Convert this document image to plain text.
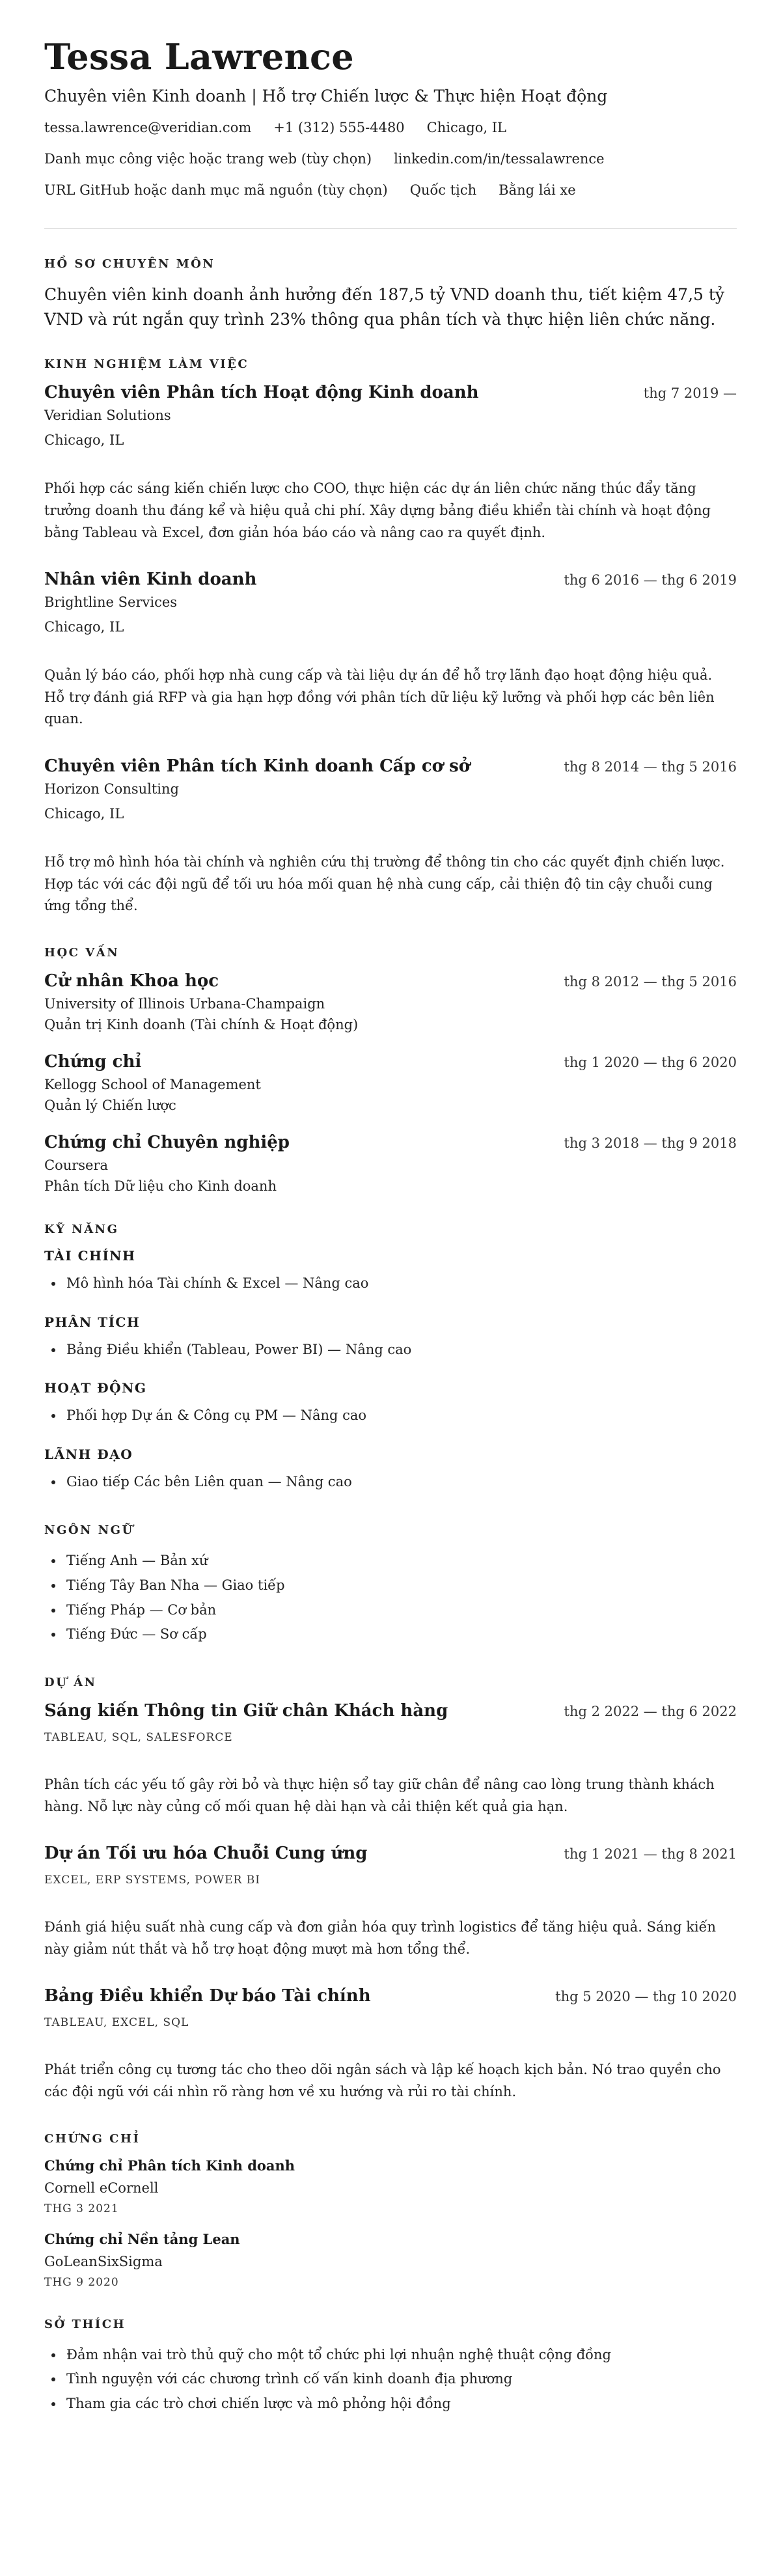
Tessa Lawrence
Chuyên viên Kinh doanh | Hỗ trợ Chiến lược & Thực hiện Hoạt động
tessa.lawrence@veridian.com +1 (312) 555-4480 Chicago, IL
Danh mục công việc hoặc trang web (tùy chọn) linkedin.com/in/tessalawrence
URL GitHub hoặc danh mục mã nguồn (tùy chọn) Quốc tịch Bằng lái xe
HỒ SƠ CHUYÊN MÔN

Chuyên viên kinh doanh ảnh hưởng đến 187,5 tỷ VND doanh thu, tiết kiệm 47,5 tỷ VND và rút ngắn quy trình 23% thông qua phân tích và thực hiện liên chức năng.

KINH NGHIỆM LÀM VIỆC
Chuyên viên Phân tích Hoạt động Kinh doanh	thg 7 2019 —
Veridian Solutions
Chicago, IL
Phối hợp các sáng kiến chiến lược cho COO, thực hiện các dự án liên chức năng thúc đẩy tăng trưởng doanh thu đáng kể và hiệu quả chi phí. Xây dựng bảng điều khiển tài chính và hoạt động bằng Tableau và Excel, đơn giản hóa báo cáo và nâng cao ra quyết định.
Nhân viên Kinh doanh	thg 6 2016 — thg 6 2019
Brightline Services
Chicago, IL
Quản lý báo cáo, phối hợp nhà cung cấp và tài liệu dự án để hỗ trợ lãnh đạo hoạt động hiệu quả. Hỗ trợ đánh giá RFP và gia hạn hợp đồng với phân tích dữ liệu kỹ lưỡng và phối hợp các bên liên quan.
Chuyên viên Phân tích Kinh doanh Cấp cơ sở	thg 8 2014 — thg 5 2016
Horizon Consulting
Chicago, IL
Hỗ trợ mô hình hóa tài chính và nghiên cứu thị trường để thông tin cho các quyết định chiến lược. Hợp tác với các đội ngũ để tối ưu hóa mối quan hệ nhà cung cấp, cải thiện độ tin cậy chuỗi cung ứng tổng thể.
HỌC VẤN
Cử nhân Khoa học	thg 8 2012 — thg 5 2016
University of Illinois Urbana-Champaign
Quản trị Kinh doanh (Tài chính & Hoạt động)
Chứng chỉ	thg 1 2020 — thg 6 2020
Kellogg School of Management
Quản lý Chiến lược
Chứng chỉ Chuyên nghiệp	thg 3 2018 — thg 9 2018
Coursera
Phân tích Dữ liệu cho Kinh doanh
KỸ NĂNG
TÀI CHÍNH
• Mô hình hóa Tài chính & Excel — Nâng cao
PHÂN TÍCH
• Bảng Điều khiển (Tableau, Power BI) — Nâng cao
HOẠT ĐỘNG
• Phối hợp Dự án & Công cụ PM — Nâng cao
LÃNH ĐẠO
• Giao tiếp Các bên Liên quan — Nâng cao
NGÔN NGỮ
• Tiếng Anh — Bản xứ
• Tiếng Tây Ban Nha — Giao tiếp
• Tiếng Pháp — Cơ bản
• Tiếng Đức — Sơ cấp
DỰ ÁN
Sáng kiến Thông tin Giữ chân Khách hàng	thg 2 2022 — thg 6 2022
TABLEAU, SQL, SALESFORCE
Phân tích các yếu tố gây rời bỏ và thực hiện sổ tay giữ chân để nâng cao lòng trung thành khách hàng. Nỗ lực này củng cố mối quan hệ dài hạn và cải thiện kết quả gia hạn.
Dự án Tối ưu hóa Chuỗi Cung ứng	thg 1 2021 — thg 8 2021
EXCEL, ERP SYSTEMS, POWER BI
Đánh giá hiệu suất nhà cung cấp và đơn giản hóa quy trình logistics để tăng hiệu quả. Sáng kiến này giảm nút thắt và hỗ trợ hoạt động mượt mà hơn tổng thể.
Bảng Điều khiển Dự báo Tài chính	thg 5 2020 — thg 10 2020
TABLEAU, EXCEL, SQL
Phát triển công cụ tương tác cho theo dõi ngân sách và lập kế hoạch kịch bản. Nó trao quyền cho các đội ngũ với cái nhìn rõ ràng hơn về xu hướng và rủi ro tài chính.
CHỨNG CHỈ
Chứng chỉ Phân tích Kinh doanh
Cornell eCornell
THG 3 2021
Chứng chỉ Nền tảng Lean
GoLeanSixSigma
THG 9 2020
SỞ THÍCH
• Đảm nhận vai trò thủ quỹ cho một tổ chức phi lợi nhuận nghệ thuật cộng đồng
• Tình nguyện với các chương trình cố vấn kinh doanh địa phương
• Tham gia các trò chơi chiến lược và mô phỏng hội đồng
